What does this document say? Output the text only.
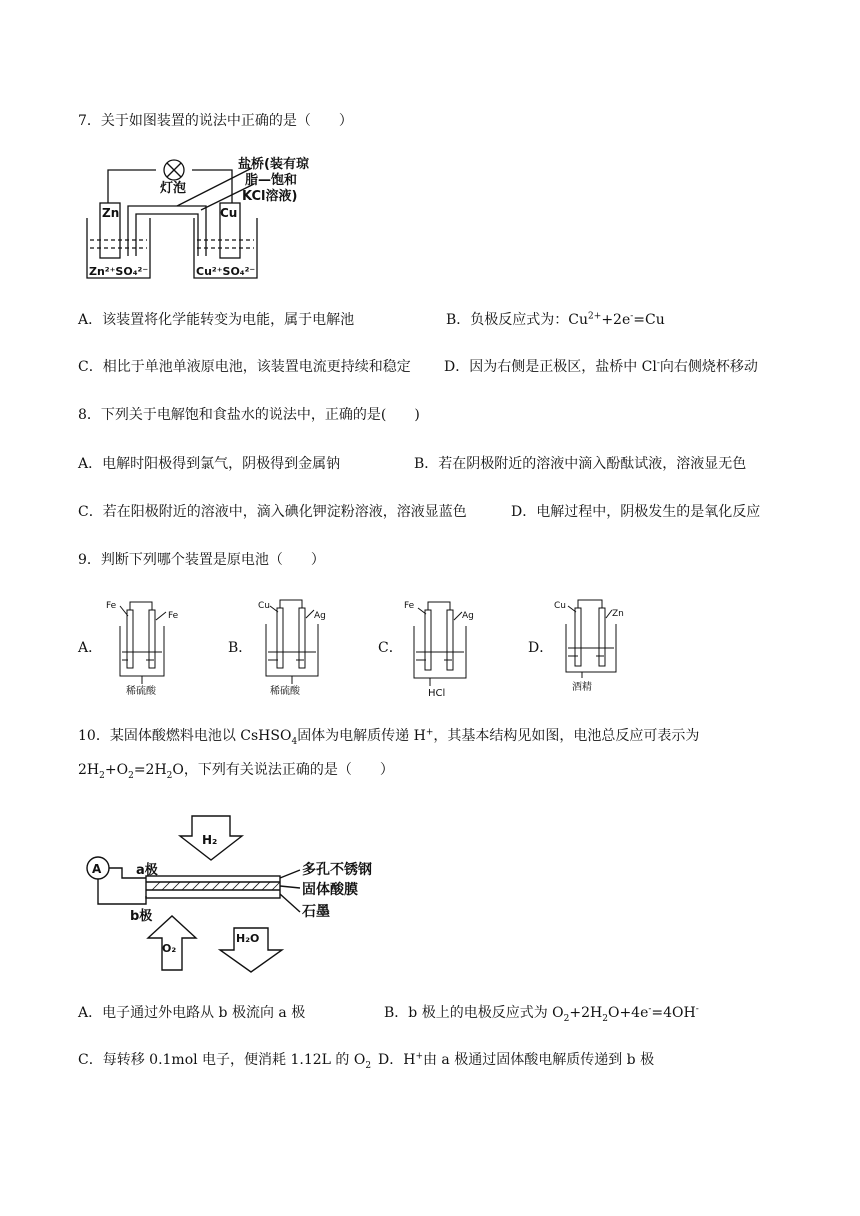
7．关于如图装置的说法中正确的是（　　）
灯泡
Zn	Cu
盐桥(装有琼
脂—饱和
KCl溶液)
Zn²⁺SO₄²⁻	Cu²⁺SO₄²⁻
A．该装置将化学能转变为电能，属于电解池	B．负极反应式为：$Cu^{2+}+2e^-=Cu$
C．相比于单池单液原电池，该装置电流更持续和稳定 D．因为右侧是正极区，盐桥中 Cl-向右侧烧杯移动
8．下列关于电解饱和食盐水的说法中，正确的是(　　)
A．电解时阳极得到氯气，阴极得到金属钠	B．若在阴极附近的溶液中滴入酚酞试液，溶液显无色
C．若在阳极附近的溶液中，滴入碘化钾淀粉溶液，溶液显蓝色	D．电解过程中，阴极发生的是氧化反应
9．判断下列哪个装置是原电池（　　）
A．	B．	C．	D．
Fe
Fe
稀硫酸
Cu
Ag
稀硫酸
Fe
Ag
HCl
Cu
Zn
酒精
10．某固体酸燃料电池以 CsHSO$_4$固体为电解质传递 H+，其基本结构见如图，电池总反应可表示为
$2H_2+O_2=2H_2O$，下列有关说法正确的是（　　）
H₂
A	a极
b极
O₂
H₂O
多孔不锈钢
固体酸膜
石墨
A．电子通过外电路从 b 极流向 a 极	B．b 极上的电极反应式为 $O_2+2H_2O+4e^-=4OH^-$
C．每转移 0.1mol 电子，便消耗 1.12L 的 $O_2$ D．H+由 a 极通过固体酸电解质传递到 b 极
